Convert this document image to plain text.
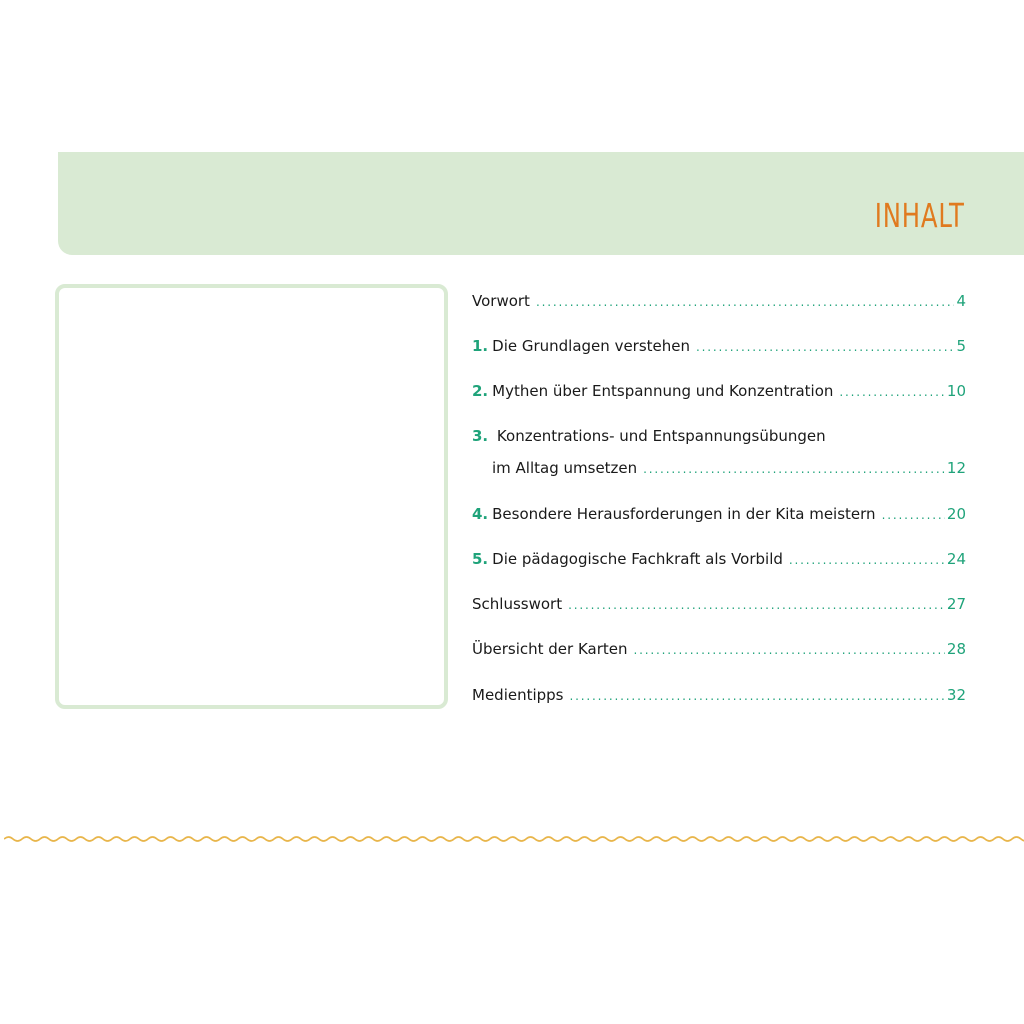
INHALT
Vorwort . . .	4
1. Die Grundlagen verstehen . . .	5
2. Mythen über Entspannung und Konzentration . . .	10
3. Konzentrations- und Entspannungsübungen
im Alltag umsetzen . . .	12
4. Besondere Herausforderungen in der Kita meistern . . .	20
5. Die pädagogische Fachkraft als Vorbild . . .	24
Schlusswort . . .	27
Übersicht der Karten . . .	28
Medientipps . . .	32
